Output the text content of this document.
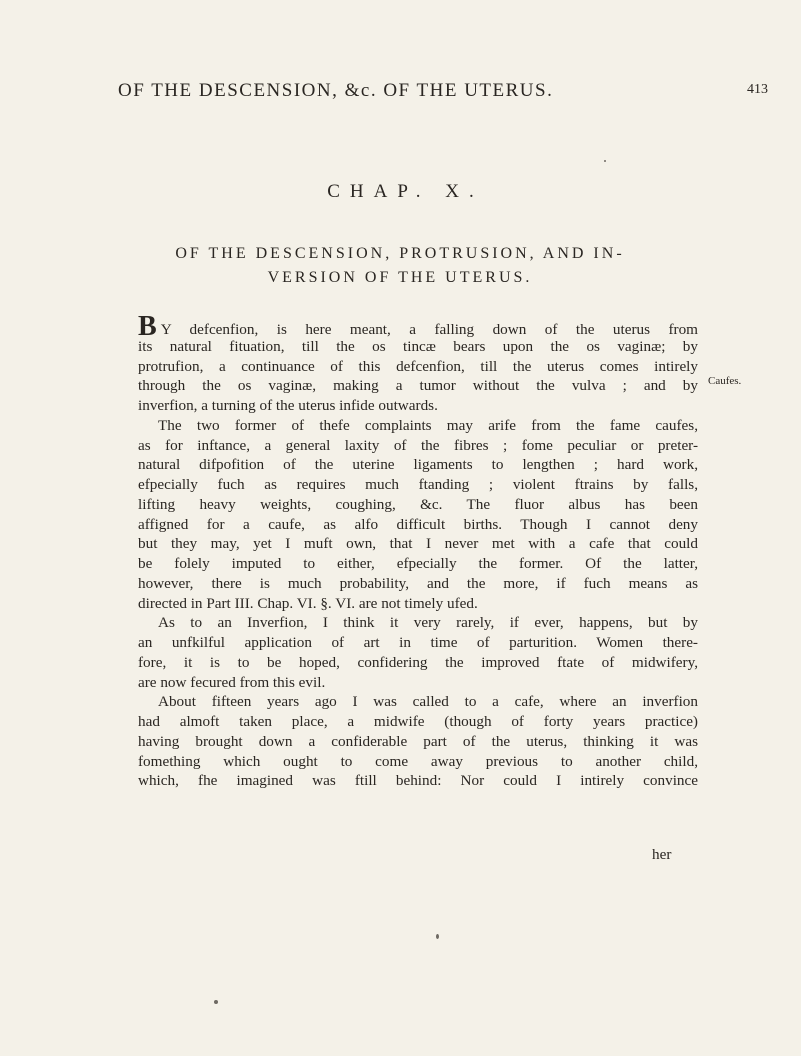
OF THE DESCENSION, &c. OF THE UTERUS.	413
CHAP. X.
OF THE DESCENSION, PROTRUSION, AND IN-
VERSION OF THE UTERUS.
B Y defcenfion, is here meant, a falling down of the uterus from
its natural fituation, till the os tincæ bears upon the os vaginæ; by
protrufion, a continuance of this defcenfion, till the uterus comes intirely
through the os vaginæ, making a tumor without the vulva ; and by
inverfion, a turning of the uterus infide outwards.
The two former of thefe complaints may arife from the fame caufes,
as for inftance, a general laxity of the fibres ; fome peculiar or preter-
natural difpofition of the uterine ligaments to lengthen ; hard work,
efpecially fuch as requires much ftanding ; violent ftrains by falls,
lifting heavy weights, coughing, &c. The fluor albus has been
affigned for a caufe, as alfo difficult births. Though I cannot deny
but they may, yet I muft own, that I never met with a cafe that could
be folely imputed to either, efpecially the former. Of the latter,
however, there is much probability, and the more, if fuch means as
directed in Part III. Chap. VI. §. VI. are not timely ufed.
As to an Inverfion, I think it very rarely, if ever, happens, but by
an unfkilful application of art in time of parturition. Women there-
fore, it is to be hoped, confidering the improved ftate of midwifery,
are now fecured from this evil.
About fifteen years ago I was called to a cafe, where an inverfion
had almoft taken place, a midwife (though of forty years practice)
having brought down a confiderable part of the uterus, thinking it was
fomething which ought to come away previous to another child,
which, fhe imagined was ftill behind: Nor could I intirely convince
Caufes.
her
